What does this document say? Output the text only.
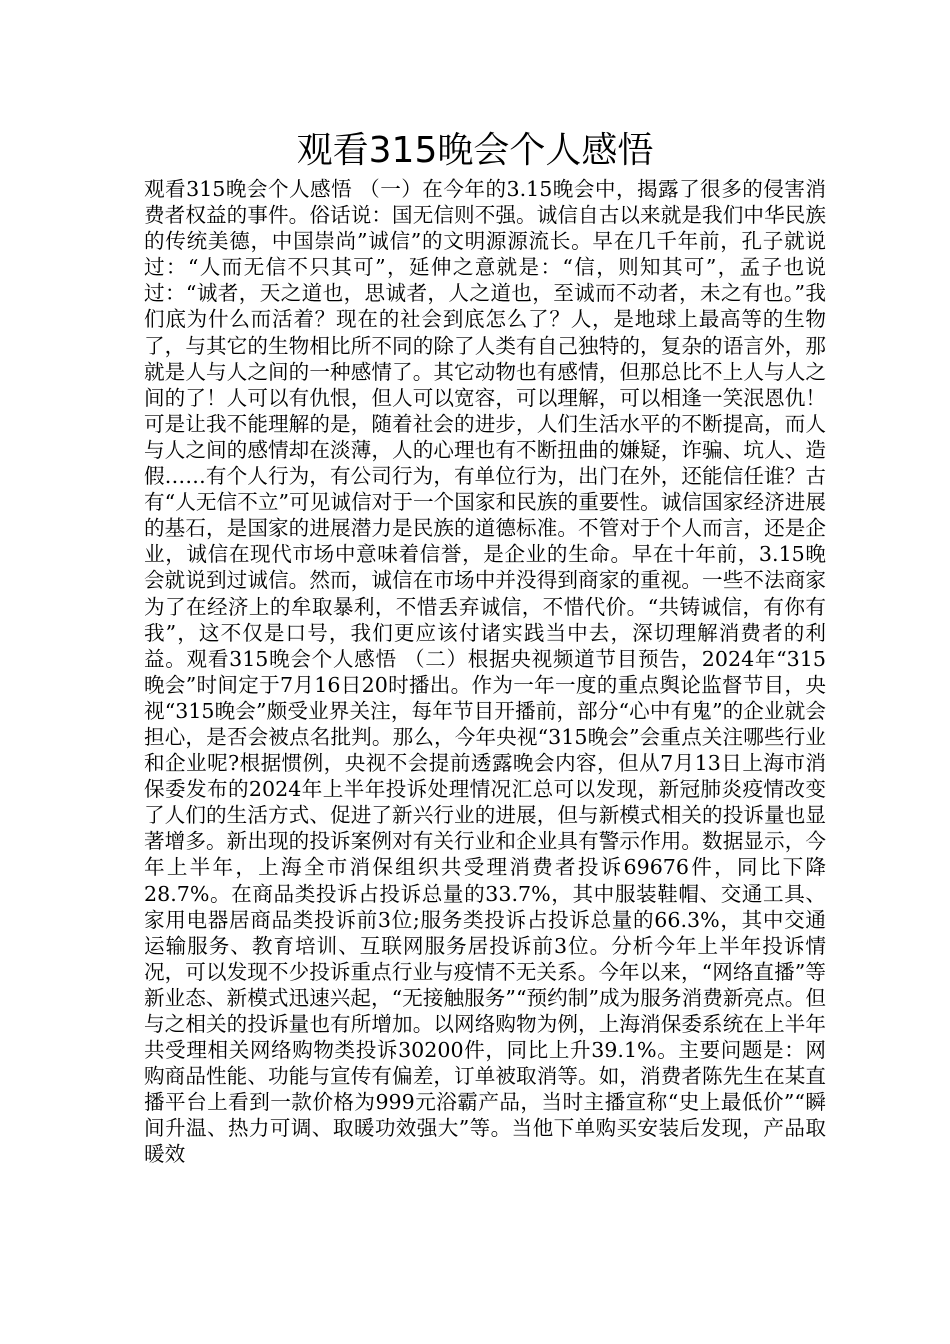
观看315晚会个人感悟

观看315晚会个人感悟 （一）在今年的3.15晚会中，揭露了很多的侵害消费者权益的事件。俗话说：国无信则不强。诚信自古以来就是我们中华民族的传统美德，中国崇尚”诚信”的文明源源流长。早在几千年前，孔子就说过：“人而无信不只其可”，延伸之意就是：“信，则知其可”，孟子也说过：“诚者，天之道也，思诚者，人之道也，至诚而不动者，未之有也。”我们底为什么而活着？现在的社会到底怎么了？人，是地球上最高等的生物了，与其它的生物相比所不同的除了人类有自己独特的，复杂的语言外，那就是人与人之间的一种感情了。其它动物也有感情，但那总比不上人与人之间的了！人可以有仇恨，但人可以宽容，可以理解，可以相逢一笑泯恩仇！可是让我不能理解的是，随着社会的进步，人们生活水平的不断提高，而人与人之间的感情却在淡薄，人的心理也有不断扭曲的嫌疑，诈骗、坑人、造假……有个人行为，有公司行为，有单位行为，出门在外，还能信任谁？古有“人无信不立”可见诚信对于一个国家和民族的重要性。诚信国家经济进展的基石，是国家的进展潜力是民族的道德标准。不管对于个人而言，还是企业，诚信在现代市场中意味着信誉，是企业的生命。早在十年前，3.15晚会就说到过诚信。然而，诚信在市场中并没得到商家的重视。一些不法商家为了在经济上的牟取暴利，不惜丢弃诚信，不惜代价。“共铸诚信，有你有我”，这不仅是口号，我们更应该付诸实践当中去，深切理解消费者的利益。观看315晚会个人感悟 （二）根据央视频道节目预告，2024年“315晚会”时间定于7月16日20时播出。作为一年一度的重点舆论监督节目，央视“315晚会”颇受业界关注，每年节目开播前，部分“心中有鬼”的企业就会担心，是否会被点名批判。那么，今年央视“315晚会”会重点关注哪些行业和企业呢?根据惯例，央视不会提前透露晚会内容，但从7月13日上海市消保委发布的2024年上半年投诉处理情况汇总可以发现，新冠肺炎疫情改变了人们的生活方式、促进了新兴行业的进展，但与新模式相关的投诉量也显著增多。新出现的投诉案例对有关行业和企业具有警示作用。数据显示，今年上半年，上海全市消保组织共受理消费者投诉69676件，同比下降28.7%。在商品类投诉占投诉总量的33.7%，其中服装鞋帽、交通工具、家用电器居商品类投诉前3位;服务类投诉占投诉总量的66.3%，其中交通运输服务、教育培训、互联网服务居投诉前3位。分析今年上半年投诉情况，可以发现不少投诉重点行业与疫情不无关系。今年以来，“网络直播”等新业态、新模式迅速兴起，“无接触服务”“预约制”成为服务消费新亮点。但与之相关的投诉量也有所增加。以网络购物为例，上海消保委系统在上半年共受理相关网络购物类投诉30200件，同比上升39.1%。主要问题是：网购商品性能、功能与宣传有偏差，订单被取消等。如，消费者陈先生在某直播平台上看到一款价格为999元浴霸产品，当时主播宣称“史上最低价”“瞬间升温、热力可调、取暖功效强大”等。当他下单购买安装后发现，产品取暖效
